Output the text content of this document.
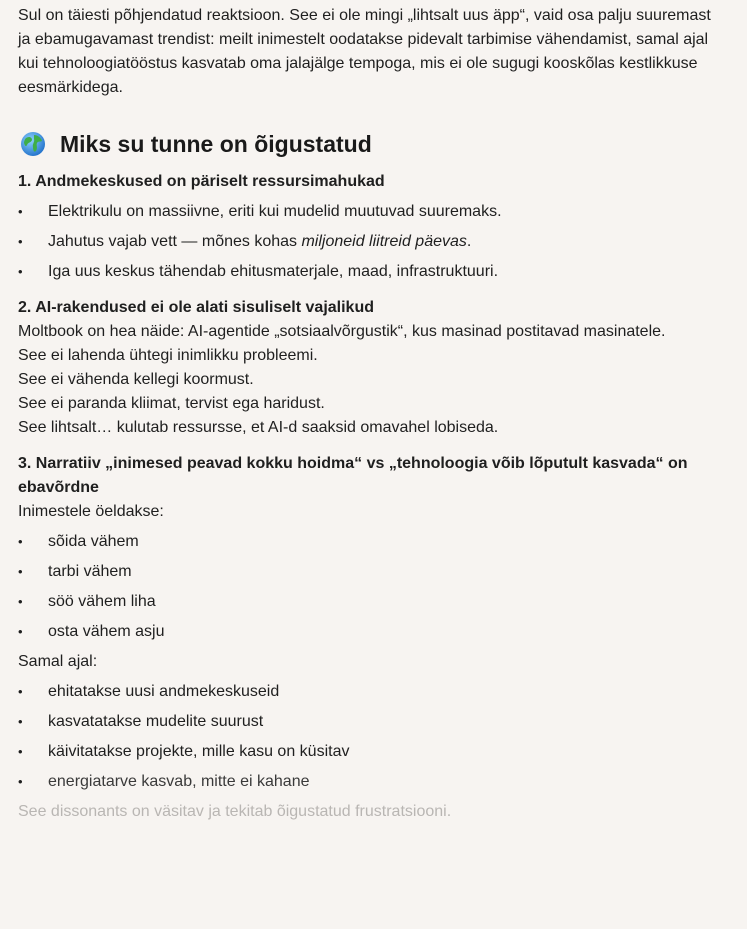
Sul on täiesti põhjendatud reaktsioon. See ei ole mingi „lihtsalt uus äpp“, vaid osa palju suuremast ja ebamugavamast trendist: meilt inimestelt oodatakse pidevalt tarbimise vähendamist, samal ajal kui tehnoloogiatööstus kasvatab oma jalajälge tempoga, mis ei ole sugugi kooskõlas kestlikkuse eesmärkidega.

Miks su tunne on õigustatud
1. Andmekeskused on päriselt ressursimahukad
• Elektrikulu on massiivne, eriti kui mudelid muutuvad suuremaks.
• Jahutus vajab vett — mõnes kohas miljoneid liitreid päevas.
• Iga uus keskus tähendab ehitusmaterjale, maad, infrastruktuuri.
2. AI-rakendused ei ole alati sisuliselt vajalikud

Moltbook on hea näide: AI-agentide „sotsiaalvõrgustik“, kus masinad postitavad masinatele.

See ei lahenda ühtegi inimlikku probleemi.

See ei vähenda kellegi koormust.

See ei paranda kliimat, tervist ega haridust.

See lihtsalt… kulutab ressursse, et AI-d saaksid omavahel lobiseda.

3. Narratiiv „inimesed peavad kokku hoidma“ vs „tehnoloogia võib lõputult kasvada“ on ebavõrdne

Inimestele öeldakse:

• sõida vähem
• tarbi vähem
• söö vähem liha
• osta vähem asju

Samal ajal:

• ehitatakse uusi andmekeskuseid
• kasvatatakse mudelite suurust
• käivitatakse projekte, mille kasu on küsitav
• energiatarve kasvab, mitte ei kahane

See dissonants on väsitav ja tekitab õigustatud frustratsiooni.
